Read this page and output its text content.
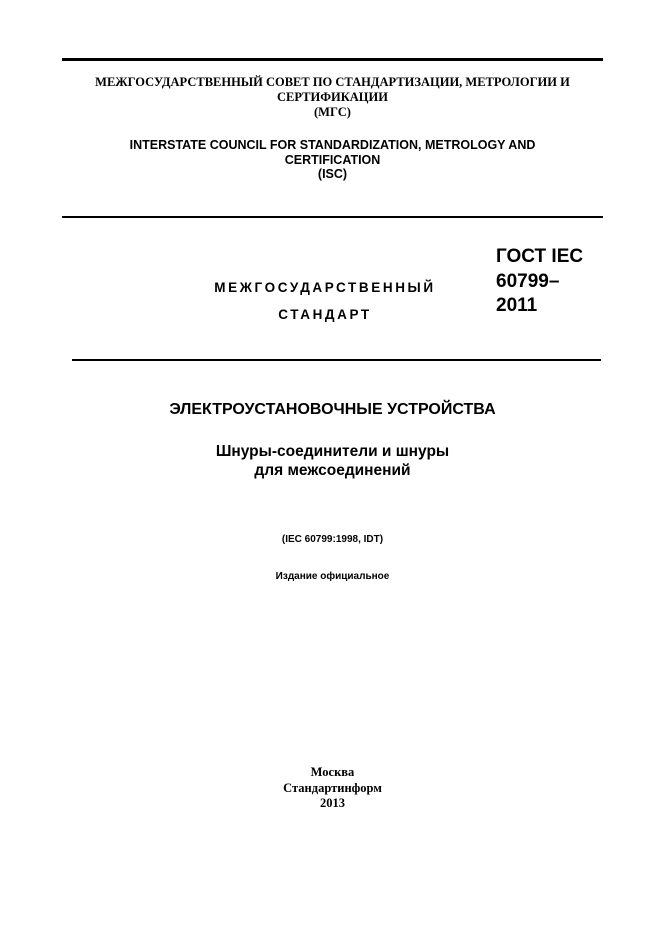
МЕЖГОСУДАРСТВЕННЫЙ СОВЕТ ПО СТАНДАРТИЗАЦИИ, МЕТРОЛОГИИ И
СЕРТИФИКАЦИИ
(МГС)
INTERSTATE COUNCIL FOR STANDARDIZATION, METROLOGY AND
CERTIFICATION
(ISC)
МЕЖГОСУДАРСТВЕННЫЙ
СТАНДАРТ
ГОСТ IEC
60799–
2011
ЭЛЕКТРОУСТАНОВОЧНЫЕ УСТРОЙСТВА
Шнуры-соединители и шнуры
для межсоединений
(IEC 60799:1998, IDT)
Издание официальное
Москва
Стандартинформ
2013
